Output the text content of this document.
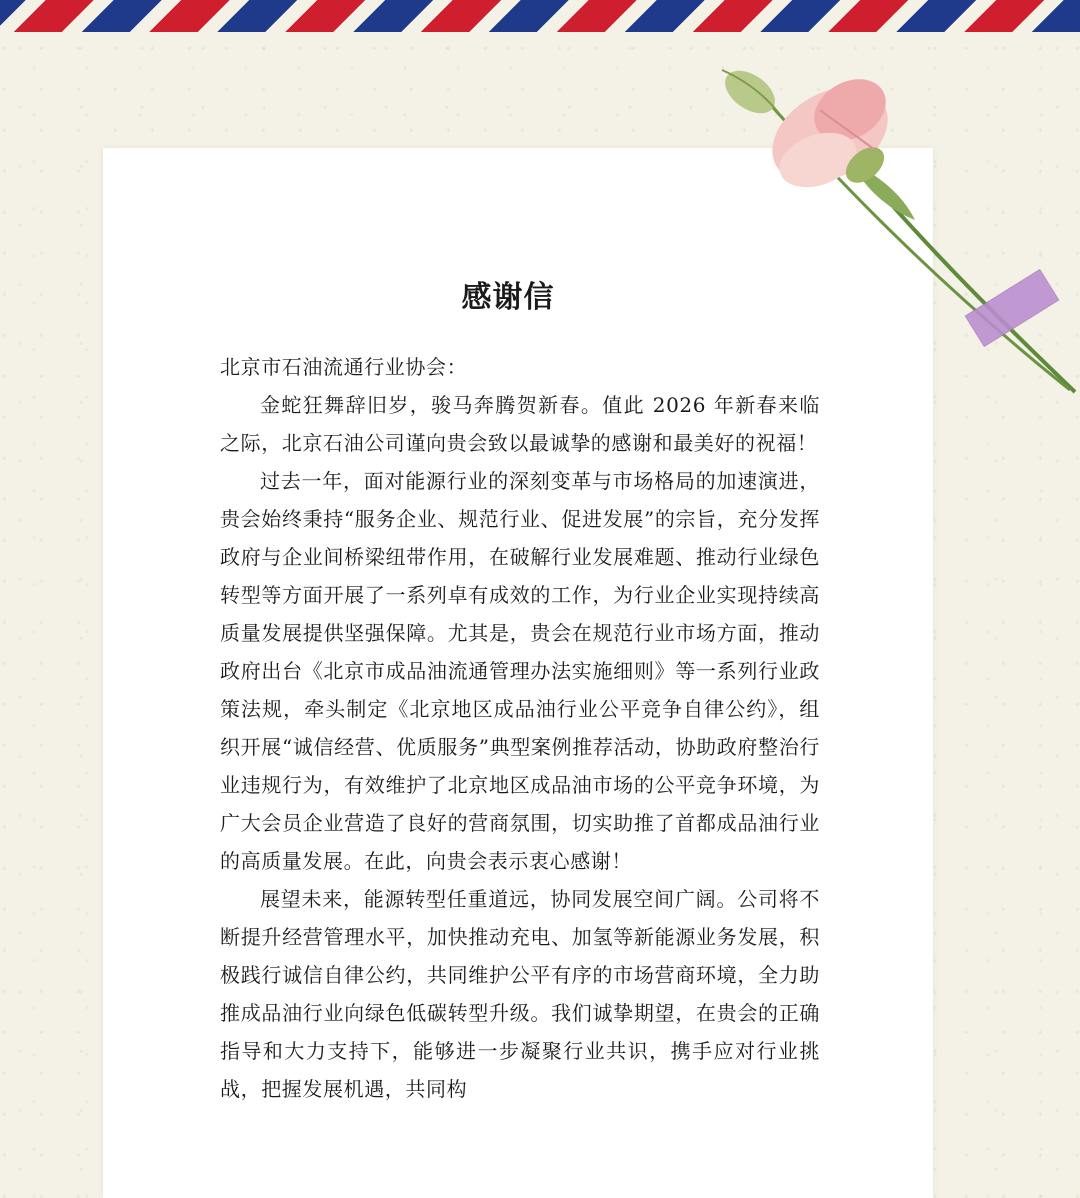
感谢信

北京市石油流通行业协会：

金蛇狂舞辞旧岁，骏马奔腾贺新春。值此 2026 年新春来临之际，北京石油公司谨向贵会致以最诚挚的感谢和最美好的祝福！

过去一年，面对能源行业的深刻变革与市场格局的加速演进，贵会始终秉持“服务企业、规范行业、促进发展”的宗旨，充分发挥政府与企业间桥梁纽带作用，在破解行业发展难题、推动行业绿色转型等方面开展了一系列卓有成效的工作，为行业企业实现持续高质量发展提供坚强保障。尤其是，贵会在规范行业市场方面，推动政府出台《北京市成品油流通管理办法实施细则》等一系列行业政策法规，牵头制定《北京地区成品油行业公平竞争自律公约》，组织开展“诚信经营、优质服务”典型案例推荐活动，协助政府整治行业违规行为，有效维护了北京地区成品油市场的公平竞争环境，为广大会员企业营造了良好的营商氛围，切实助推了首都成品油行业的高质量发展。在此，向贵会表示衷心感谢！

展望未来，能源转型任重道远，协同发展空间广阔。公司将不断提升经营管理水平，加快推动充电、加氢等新能源业务发展，积极践行诚信自律公约，共同维护公平有序的市场营商环境，全力助推成品油行业向绿色低碳转型升级。我们诚挚期望，在贵会的正确指导和大力支持下，能够进一步凝聚行业共识，携手应对行业挑战，把握发展机遇，共同构
